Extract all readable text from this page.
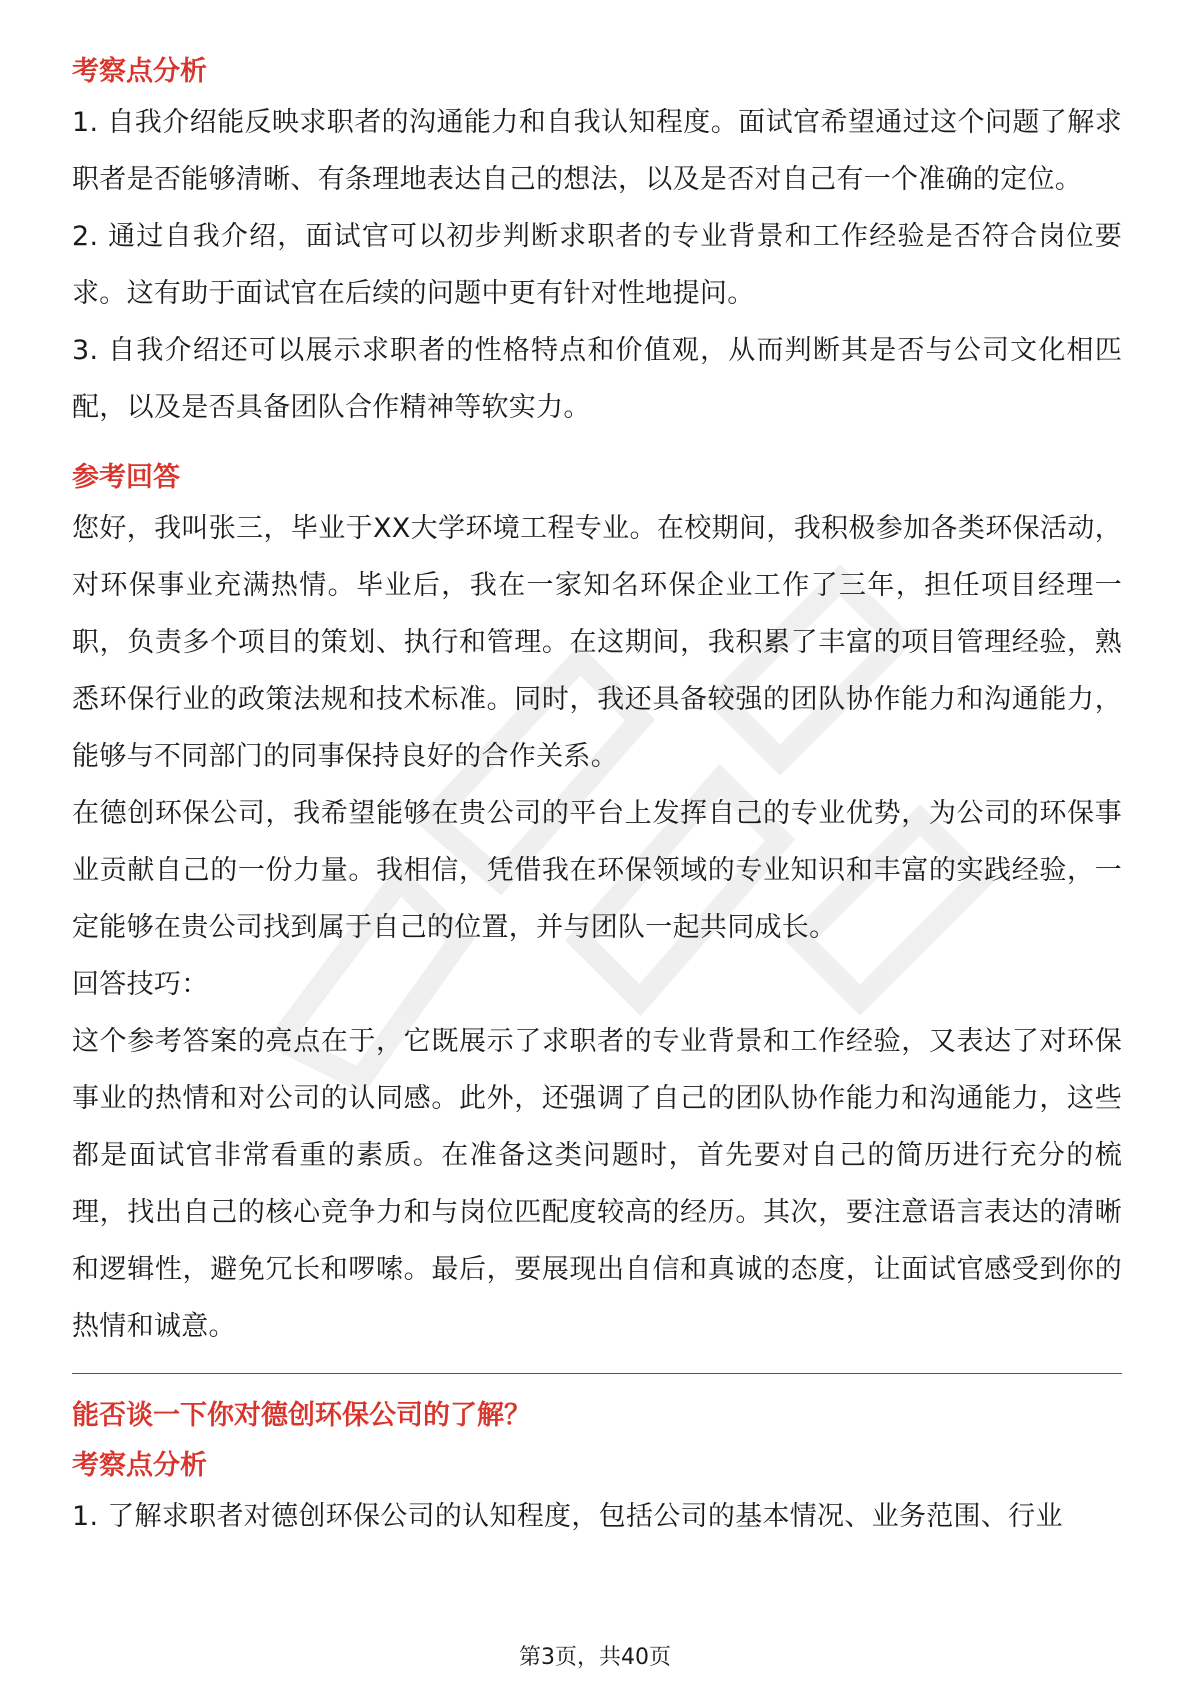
考察点分析

1. 自我介绍能反映求职者的沟通能力和自我认知程度。面试官希望通过这个问题了解求职者是否能够清晰、有条理地表达自己的想法，以及是否对自己有一个准确的定位。

2. 通过自我介绍，面试官可以初步判断求职者的专业背景和工作经验是否符合岗位要求。这有助于面试官在后续的问题中更有针对性地提问。

3. 自我介绍还可以展示求职者的性格特点和价值观，从而判断其是否与公司文化相匹配，以及是否具备团队合作精神等软实力。

参考回答

您好，我叫张三，毕业于XX大学环境工程专业。在校期间，我积极参加各类环保活动，对环保事业充满热情。毕业后，我在一家知名环保企业工作了三年，担任项目经理一职，负责多个项目的策划、执行和管理。在这期间，我积累了丰富的项目管理经验，熟悉环保行业的政策法规和技术标准。同时，我还具备较强的团队协作能力和沟通能力，能够与不同部门的同事保持良好的合作关系。

在德创环保公司，我希望能够在贵公司的平台上发挥自己的专业优势，为公司的环保事业贡献自己的一份力量。我相信，凭借我在环保领域的专业知识和丰富的实践经验，一定能够在贵公司找到属于自己的位置，并与团队一起共同成长。

回答技巧：

这个参考答案的亮点在于，它既展示了求职者的专业背景和工作经验，又表达了对环保事业的热情和对公司的认同感。此外，还强调了自己的团队协作能力和沟通能力，这些都是面试官非常看重的素质。在准备这类问题时，首先要对自己的简历进行充分的梳理，找出自己的核心竞争力和与岗位匹配度较高的经历。其次，要注意语言表达的清晰和逻辑性，避免冗长和啰嗦。最后，要展现出自信和真诚的态度，让面试官感受到你的热情和诚意。

能否谈一下你对德创环保公司的了解？
考察点分析

1. 了解求职者对德创环保公司的认知程度，包括公司的基本情况、业务范围、行业

第3页，共40页
